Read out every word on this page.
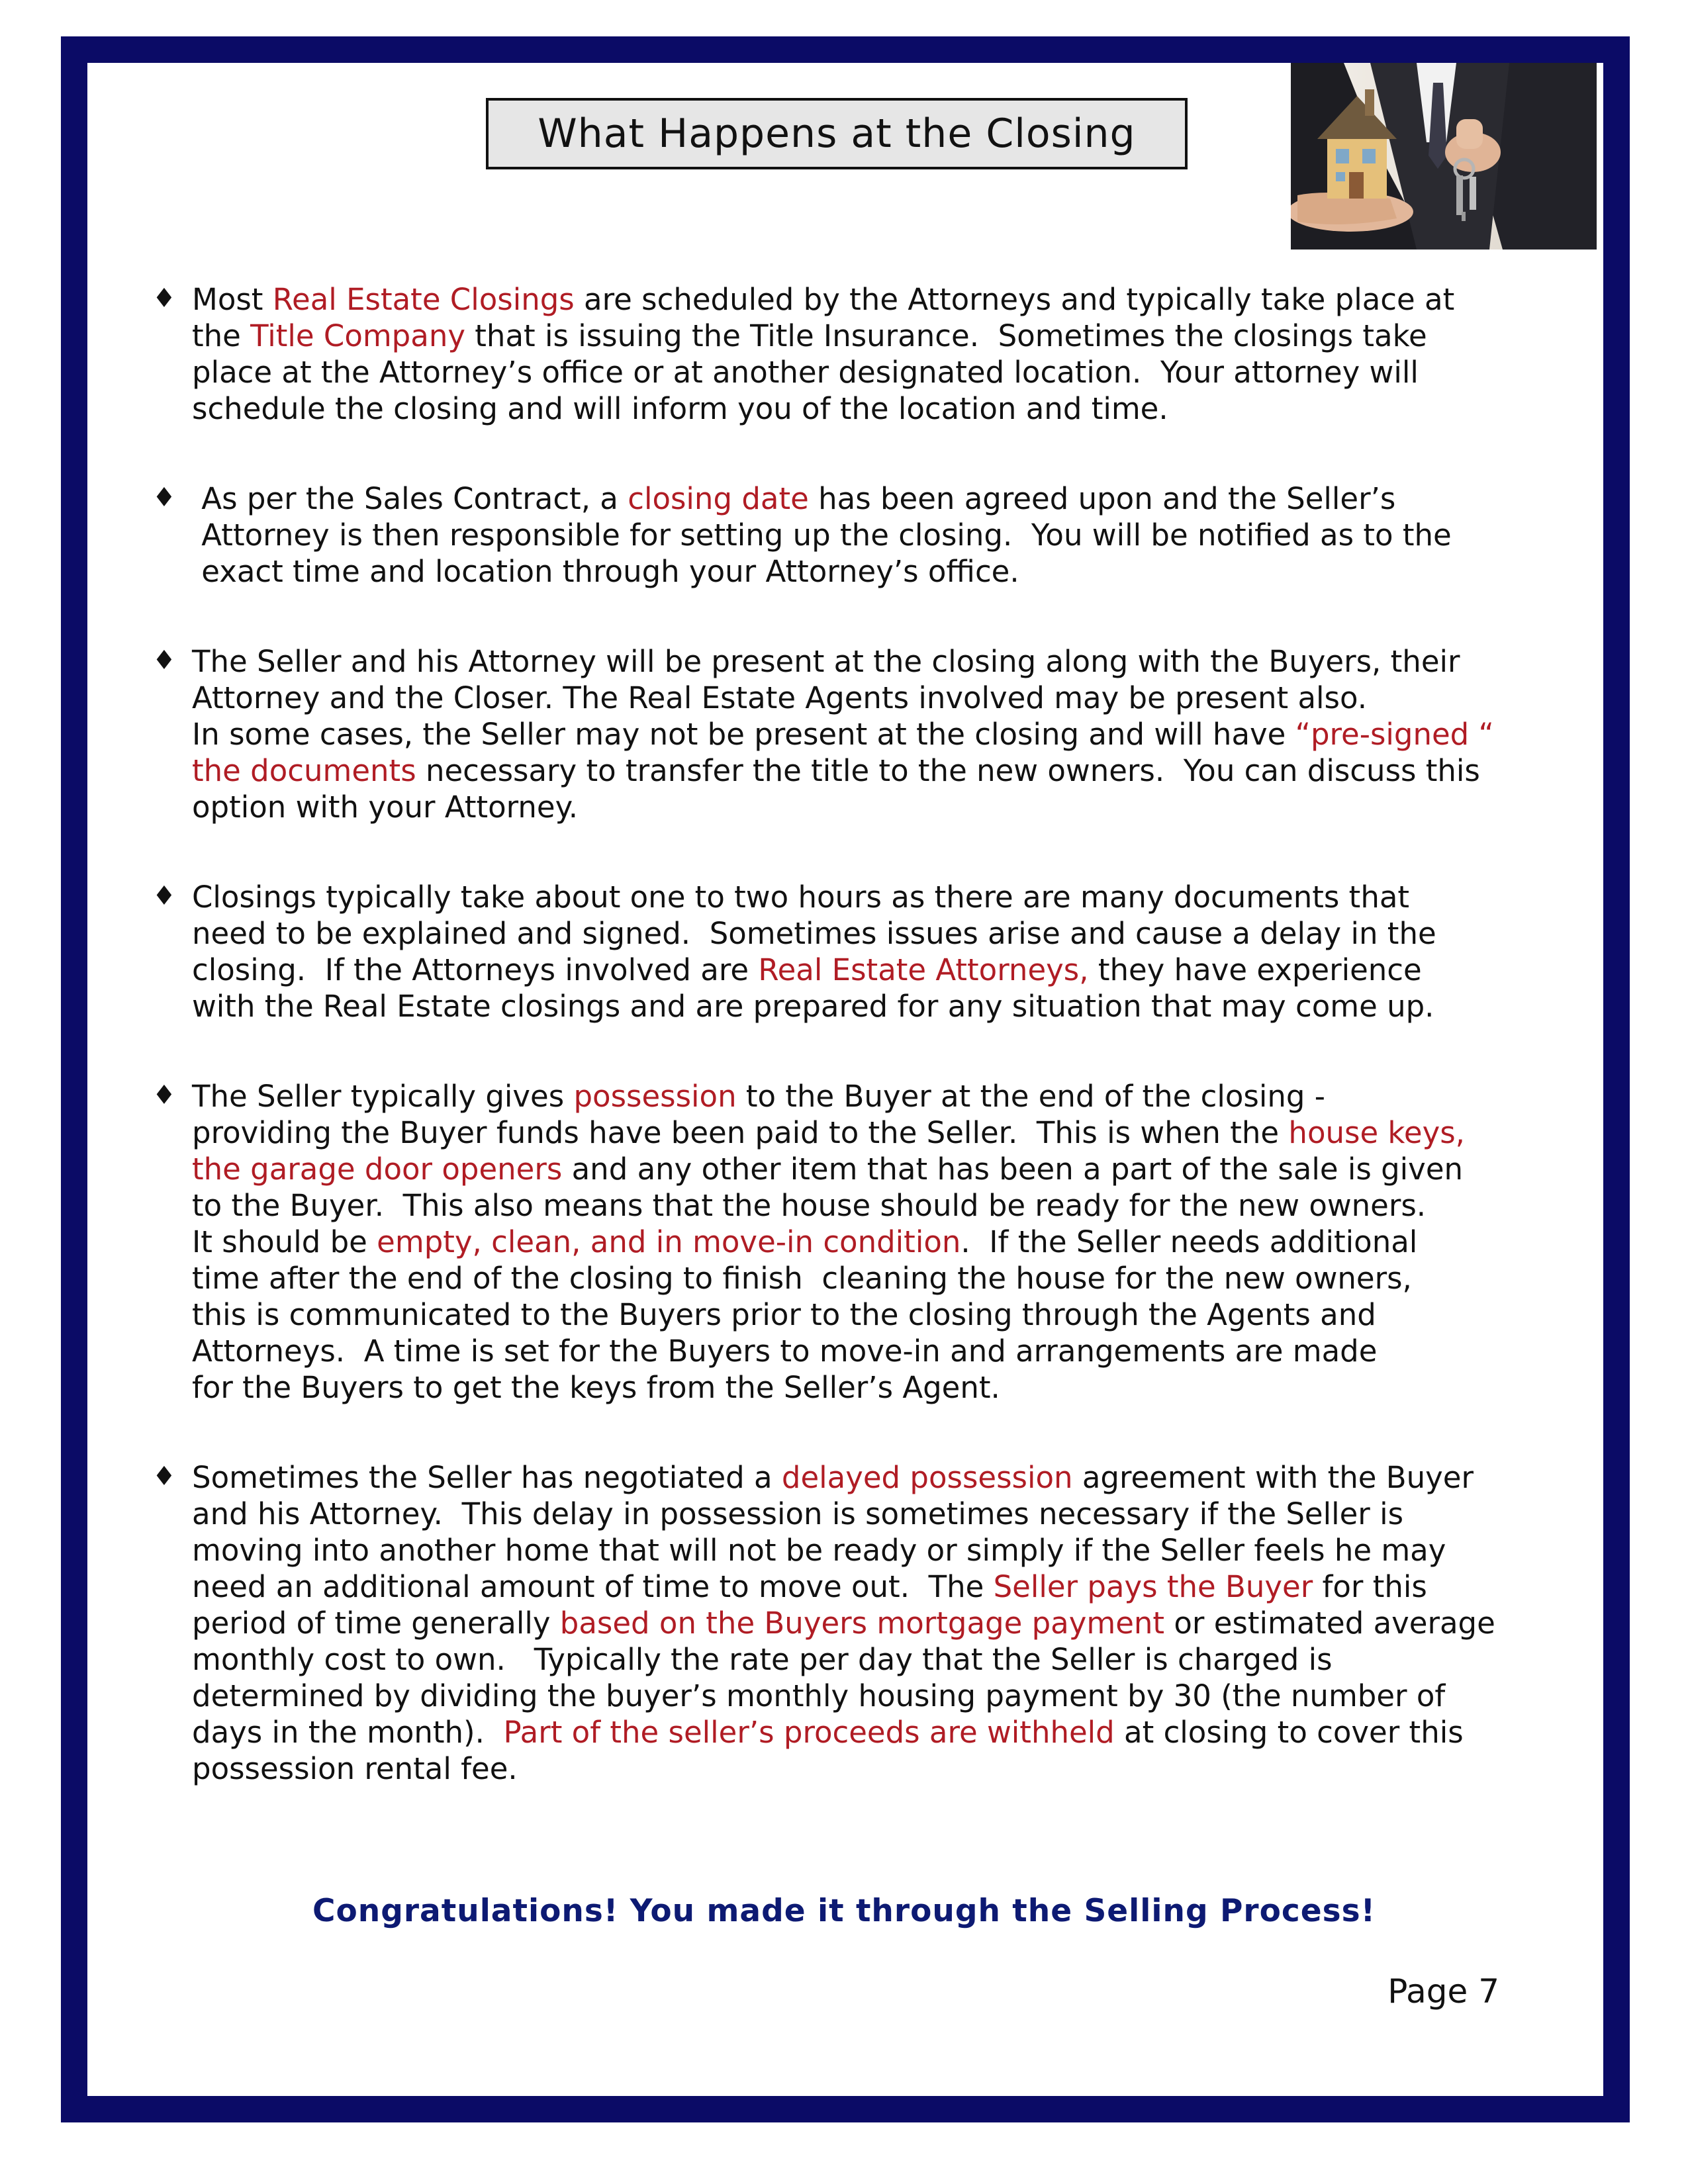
What Happens at the Closing
♦ Most Real Estate Closings are scheduled by the Attorneys and typically take place at

the Title Company that is issuing the Title Insurance.  Sometimes the closings take

place at the Attorney’s office or at another designated location.  Your attorney will

schedule the closing and will inform you of the location and time.

♦ As per the Sales Contract, a closing date has been agreed upon and the Seller’s

Attorney is then responsible for setting up the closing.  You will be notified as to the

exact time and location through your Attorney’s office.

♦ The Seller and his Attorney will be present at the closing along with the Buyers, their

Attorney and the Closer. The Real Estate Agents involved may be present also.

In some cases, the Seller may not be present at the closing and will have “pre-signed “

the documents necessary to transfer the title to the new owners.  You can discuss this

option with your Attorney.

♦ Closings typically take about one to two hours as there are many documents that

need to be explained and signed.  Sometimes issues arise and cause a delay in the

closing.  If the Attorneys involved are Real Estate Attorneys, they have experience

with the Real Estate closings and are prepared for any situation that may come up.

♦ The Seller typically gives possession to the Buyer at the end of the closing -

providing the Buyer funds have been paid to the Seller.  This is when the house keys,

the garage door openers and any other item that has been a part of the sale is given

to the Buyer.  This also means that the house should be ready for the new owners.

It should be empty, clean, and in move-in condition.  If the Seller needs additional

time after the end of the closing to finish  cleaning the house for the new owners,

this is communicated to the Buyers prior to the closing through the Agents and

Attorneys.  A time is set for the Buyers to move-in and arrangements are made

for the Buyers to get the keys from the Seller’s Agent.

♦ Sometimes the Seller has negotiated a delayed possession agreement with the Buyer

and his Attorney.  This delay in possession is sometimes necessary if the Seller is

moving into another home that will not be ready or simply if the Seller feels he may

need an additional amount of time to move out.  The Seller pays the Buyer for this

period of time generally based on the Buyers mortgage payment or estimated average

monthly cost to own.   Typically the rate per day that the Seller is charged is

determined by dividing the buyer’s monthly housing payment by 30 (the number of

days in the month).  Part of the seller’s proceeds are withheld at closing to cover this

possession rental fee.

Congratulations! You made it through the Selling Process!
Page 7
